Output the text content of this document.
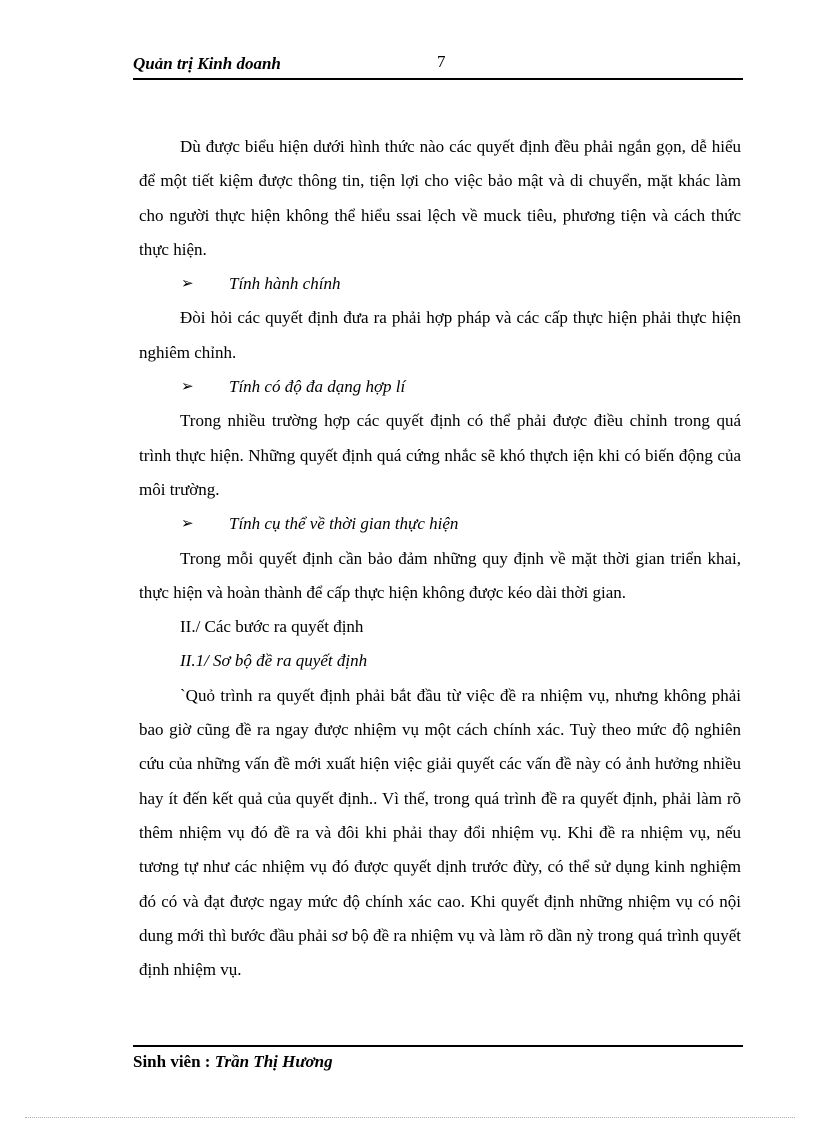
Quản trị Kinh doanh	7

Dù được biểu hiện dưới hình thức nào các quyết định đều phải ngắn gọn, dễ hiểu để một tiết kiệm được thông tin, tiện lợi cho việc bảo mật và di chuyển, mặt khác làm cho người thực hiện không thể hiểu ssai lệch về muck tiêu, phương tiện và cách thức thực hiện.

➢ Tính hành chính

Đòi hỏi các quyết định đưa ra phải hợp pháp và các cấp thực hiện phải thực hiện nghiêm chỉnh.

➢ Tính có độ đa dạng hợp lí

Trong nhiều trường hợp các quyết định có thể phải được điều chỉnh trong quá trình thực hiện. Những quyết định quá cứng nhắc sẽ khó thựch iện khi có biến động của môi trường.

➢ Tính cụ thể về thời gian thực hiện

Trong mỗi quyết định cần bảo đảm những quy định về mặt thời gian triển khai, thực hiện và hoàn thành để cấp thực hiện không được kéo dài thời gian.

II./ Các bước ra quyết định

II.1/ Sơ bộ đề ra quyết định

`Quỏ trình ra quyết định phải bắt đầu từ việc đề ra nhiệm vụ, nhưng không phải bao giờ cũng đề ra ngay được nhiệm vụ một cách chính xác. Tuỳ theo mức độ nghiên cứu của những vấn đề mới xuất hiện việc giải quyết các vấn đề này có ảnh hưởng nhiều hay ít đến kết quả của quyết định.. Vì thế, trong quá trình đề ra quyết định, phải làm rõ thêm nhiệm vụ đó đề ra và đôi khi phải thay đổi nhiệm vụ. Khi đề ra nhiệm vụ, nếu tương tự như các nhiệm vụ đó được quyết dịnh trước đừy, có thể sử dụng kinh nghiệm đó có và đạt được ngay mức độ chính xác cao. Khi quyết định những nhiệm vụ có nội dung mới thì bước đầu phải sơ bộ đề ra nhiệm vụ và làm rõ dần nỳ trong quá trình quyết định nhiệm vụ.

Sinh viên : Trần Thị Hương
